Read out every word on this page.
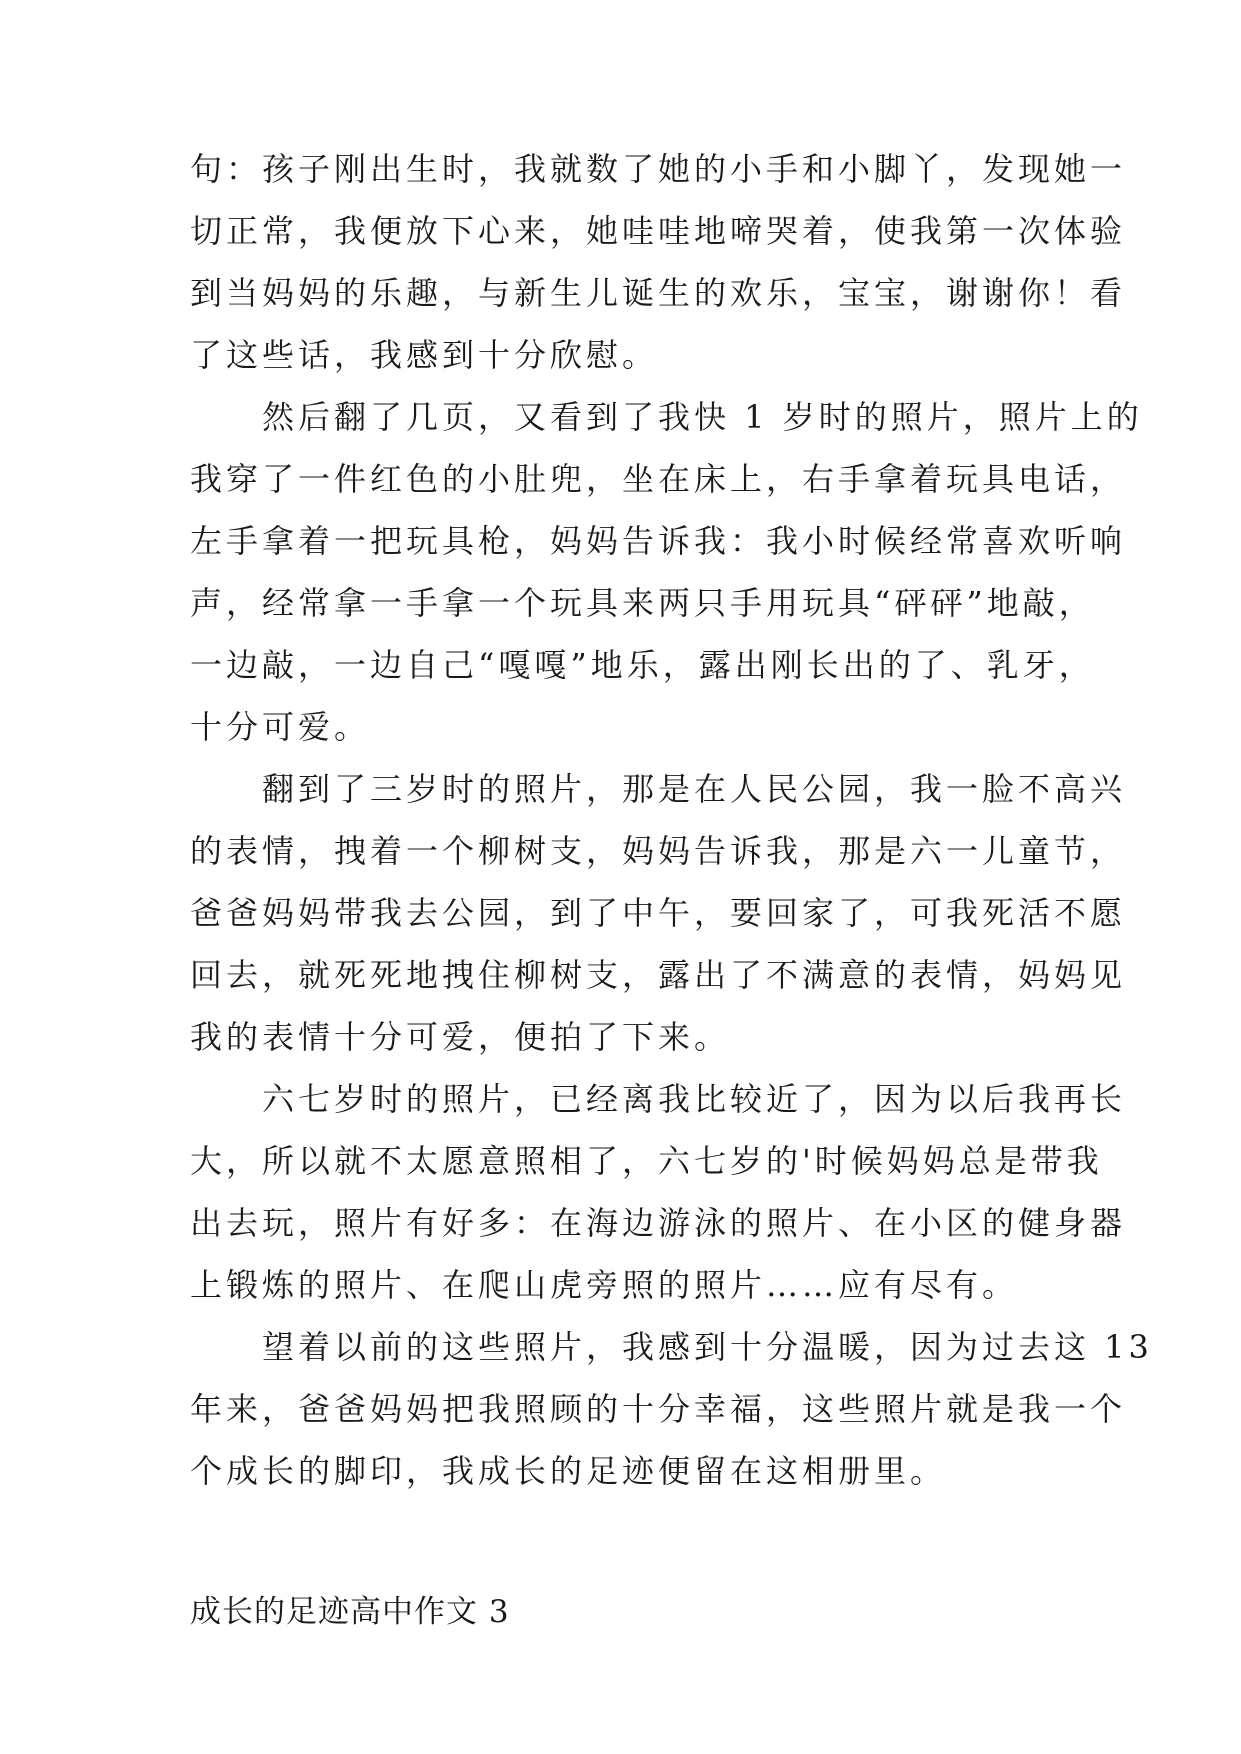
句：孩子刚出生时，我就数了她的小手和小脚丫，发现她一
切正常，我便放下心来，她哇哇地啼哭着，使我第一次体验
到当妈妈的乐趣，与新生儿诞生的欢乐，宝宝，谢谢你！看
了这些话，我感到十分欣慰。
　　然后翻了几页，又看到了我快 1 岁时的照片，照片上的
我穿了一件红色的小肚兜，坐在床上，右手拿着玩具电话，
左手拿着一把玩具枪，妈妈告诉我：我小时候经常喜欢听响
声，经常拿一手拿一个玩具来两只手用玩具“砰砰”地敲，
一边敲，一边自己“嘎嘎”地乐，露出刚长出的了、乳牙，
十分可爱。
　　翻到了三岁时的照片，那是在人民公园，我一脸不高兴
的表情，拽着一个柳树支，妈妈告诉我，那是六一儿童节，
爸爸妈妈带我去公园，到了中午，要回家了，可我死活不愿
回去，就死死地拽住柳树支，露出了不满意的表情，妈妈见
我的表情十分可爱，便拍了下来。
　　六七岁时的照片，已经离我比较近了，因为以后我再长
大，所以就不太愿意照相了，六七岁的'时候妈妈总是带我
出去玩，照片有好多：在海边游泳的照片、在小区的健身器
上锻炼的照片、在爬山虎旁照的照片……应有尽有。
　　望着以前的这些照片，我感到十分温暖，因为过去这 13
年来，爸爸妈妈把我照顾的十分幸福，这些照片就是我一个
个成长的脚印，我成长的足迹便留在这相册里。
成长的足迹高中作文 3
